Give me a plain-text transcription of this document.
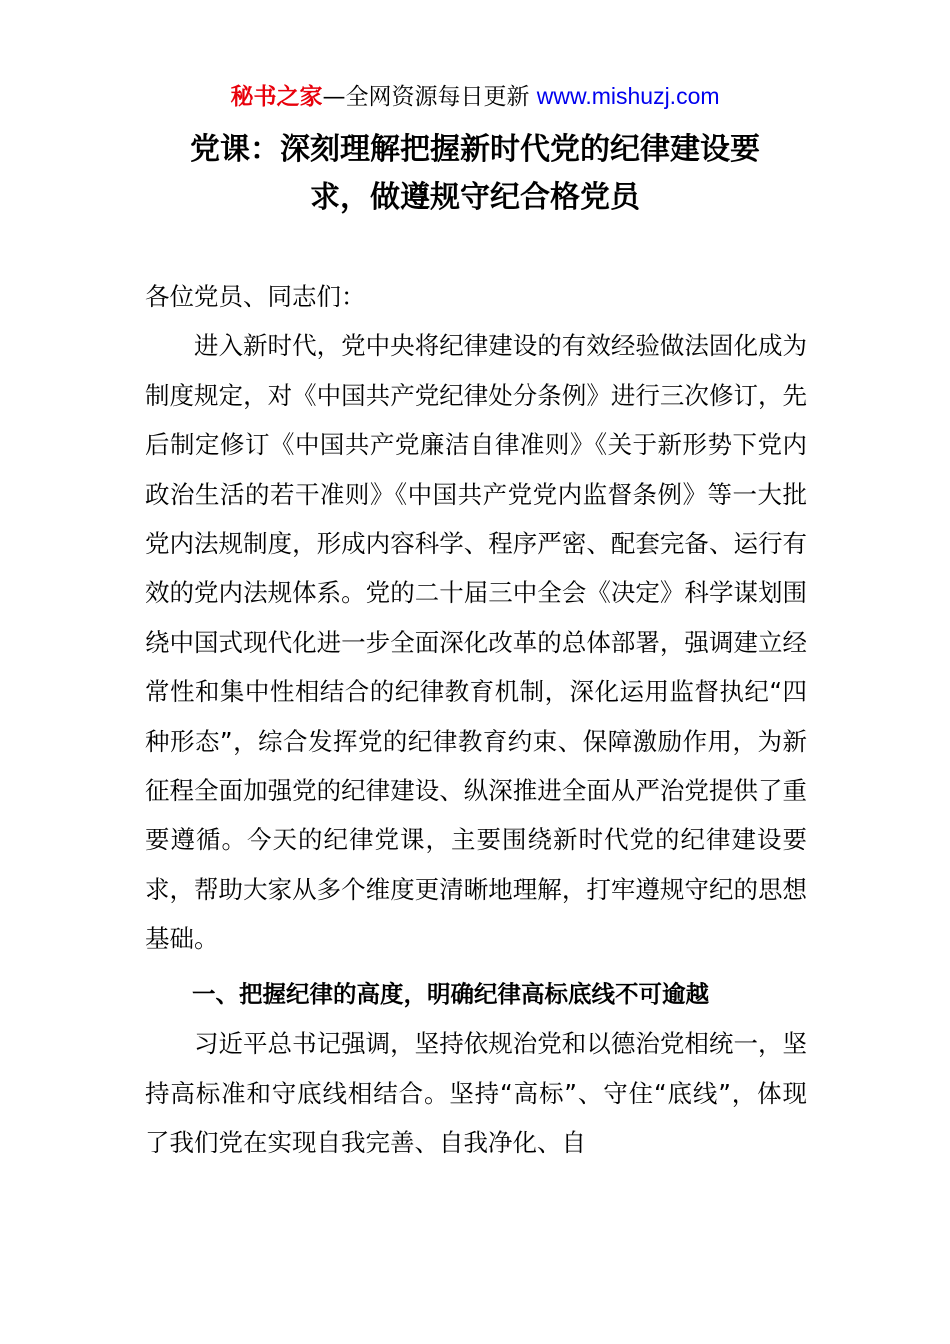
秘书之家—全网资源每日更新 www.mishuzj.com
党课：深刻理解把握新时代党的纪律建设要
求，做遵规守纪合格党员

各位党员、同志们：

进入新时代，党中央将纪律建设的有效经验做法固化成为制度规定，对《中国共产党纪律处分条例》进行三次修订，先后制定修订《中国共产党廉洁自律准则》《关于新形势下党内政治生活的若干准则》《中国共产党党内监督条例》等一大批党内法规制度，形成内容科学、程序严密、配套完备、运行有效的党内法规体系。党的二十届三中全会《决定》科学谋划围绕中国式现代化进一步全面深化改革的总体部署，强调建立经常性和集中性相结合的纪律教育机制，深化运用监督执纪“四种形态”，综合发挥党的纪律教育约束、保障激励作用，为新征程全面加强党的纪律建设、纵深推进全面从严治党提供了重要遵循。今天的纪律党课，主要围绕新时代党的纪律建设要求，帮助大家从多个维度更清晰地理解，打牢遵规守纪的思想基础。

一、把握纪律的高度，明确纪律高标底线不可逾越

习近平总书记强调，坚持依规治党和以德治党相统一，坚持高标准和守底线相结合。坚持“高标”、守住“底线”，体现了我们党在实现自我完善、自我净化、自
